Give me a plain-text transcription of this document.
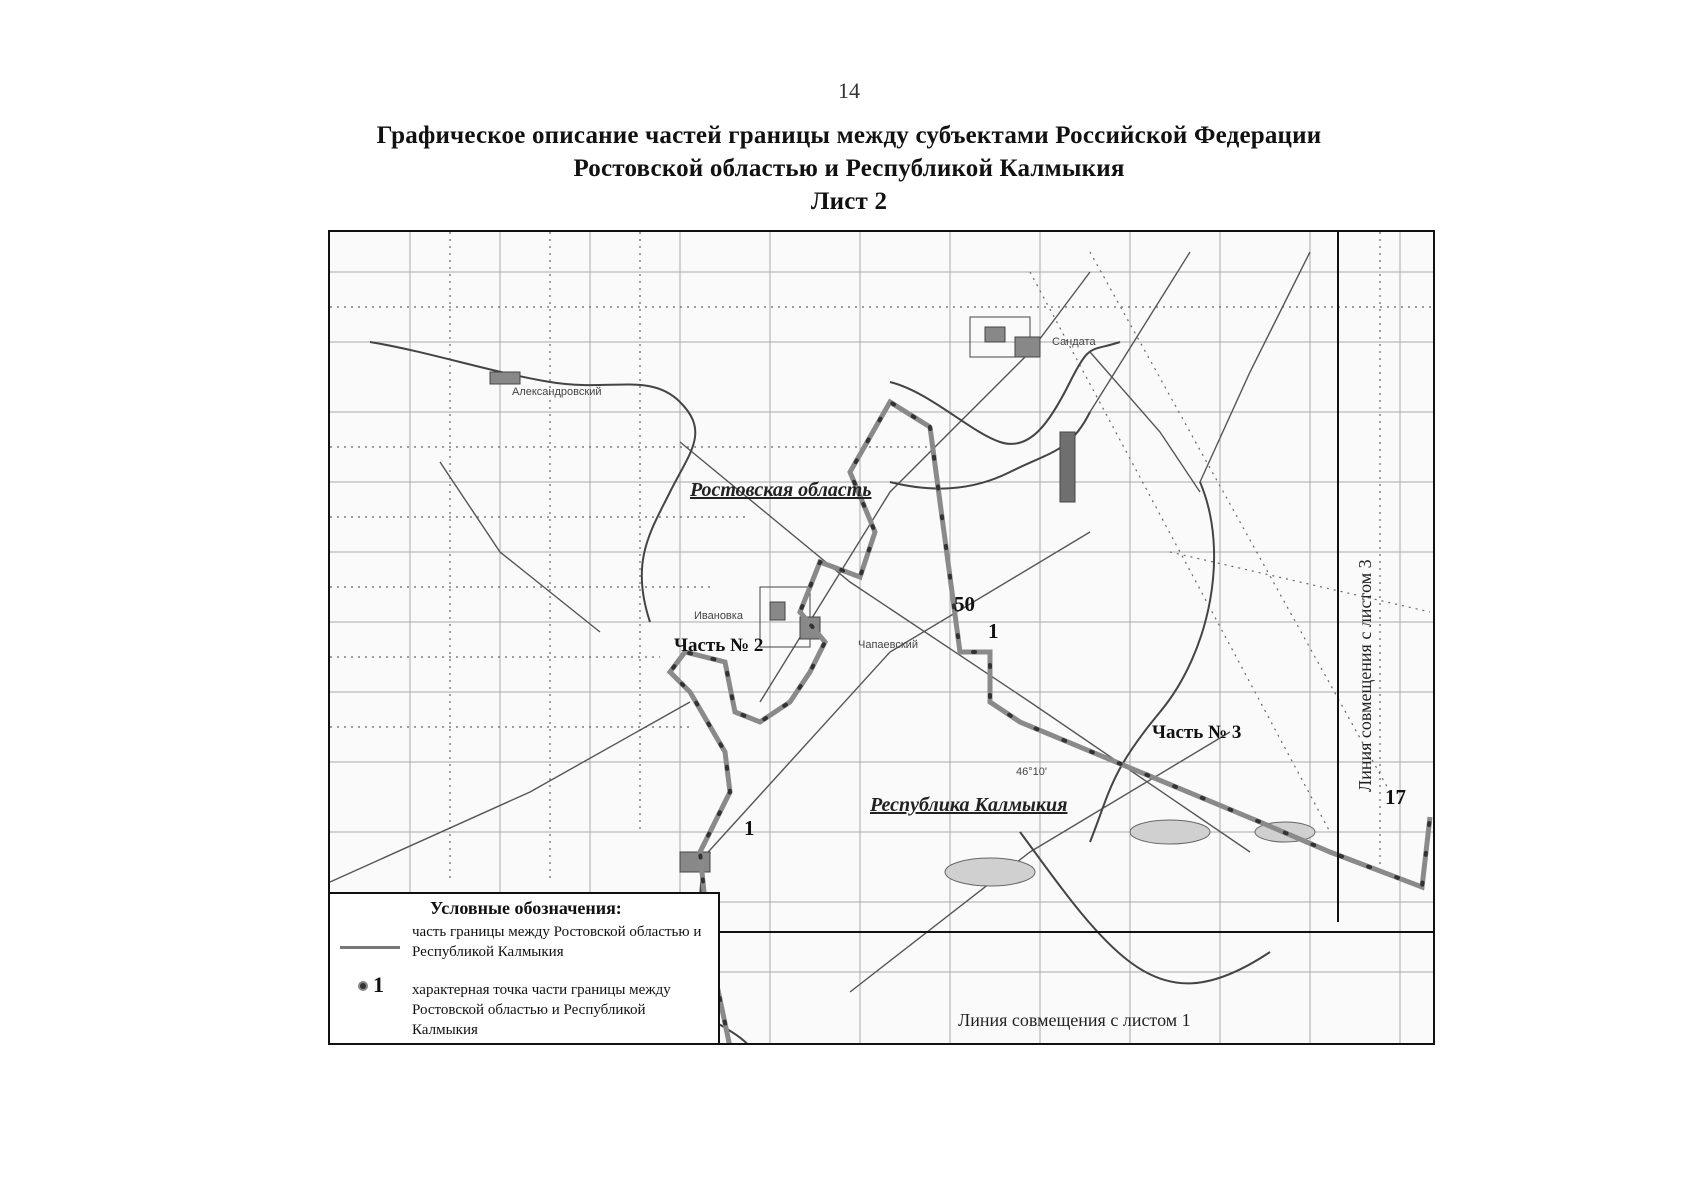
14
Графическое описание частей границы между субъектами Российской Федерации
Ростовской областью и Республикой Калмыкия
Лист 2
Ростовская область
Республика Калмыкия
Часть № 2
Часть № 3
50
1
1
17
Ивановка
Чапаевский
Сандата
Александровский
46°10'	Линия совмещения с листом 3
Линия совмещения с листом 1
Условные обозначения:
часть границы между Ростовской областью и Республикой Калмыкия
1 характерная точка части границы между Ростовской областью и Республикой Калмыкия
